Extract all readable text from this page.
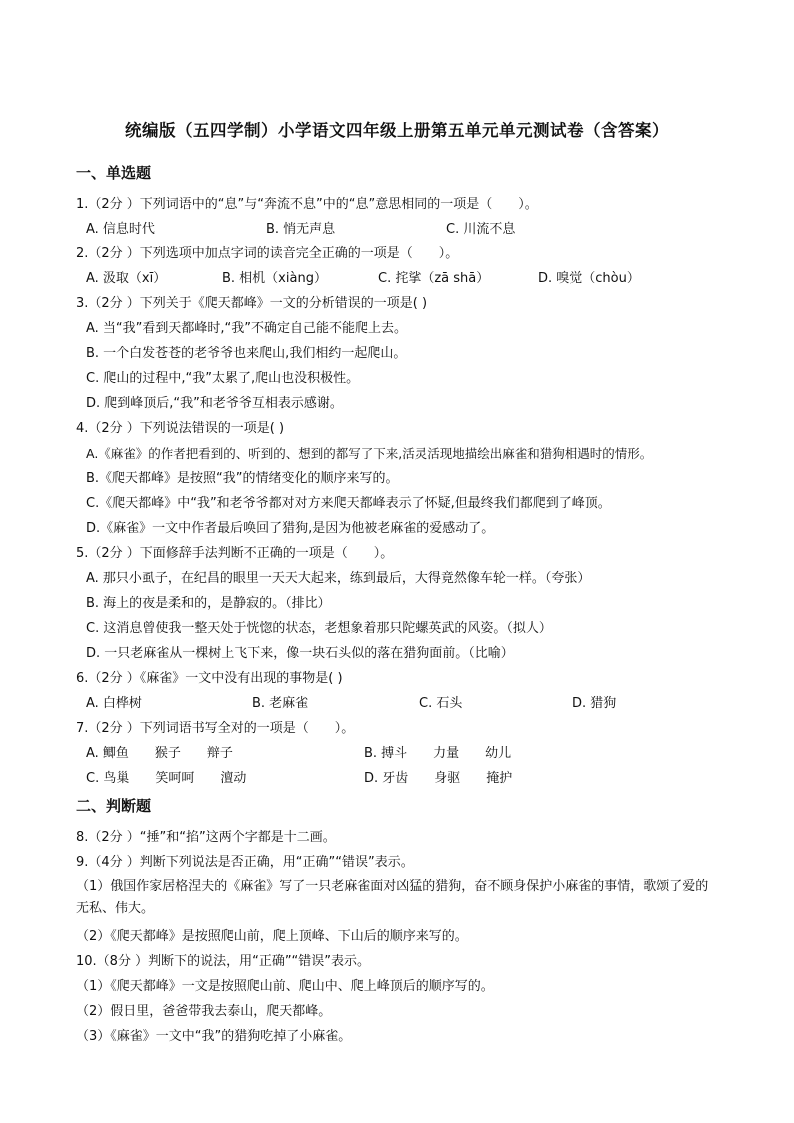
统编版（五四学制）小学语文四年级上册第五单元单元测试卷（含答案）
一、单选题
1.（2分 ）下列词语中的“息”与“奔流不息”中的“息”意思相同的一项是（　　）。
A. 信息时代	B. 悄无声息	C. 川流不息
2.（2分 ）下列选项中加点字词的读音完全正确的一项是（　　）。
A. 汲取（xī）	B. 相机（xiàng）	C. 挓挲（zā shā）	D. 嗅觉（chòu）
3.（2分 ）下列关于《爬天都峰》一文的分析错误的一项是( )
A. 当“我”看到天都峰时,“我”不确定自己能不能爬上去。
B. 一个白发苍苍的老爷爷也来爬山,我们相约一起爬山。
C. 爬山的过程中,“我”太累了,爬山也没积极性。
D. 爬到峰顶后,“我”和老爷爷互相表示感谢。
4.（2分 ）下列说法错误的一项是( )
A.《麻雀》的作者把看到的、听到的、想到的都写了下来,活灵活现地描绘出麻雀和猎狗相遇时的情形。
B.《爬天都峰》是按照“我”的情绪变化的顺序来写的。
C.《爬天都峰》中“我”和老爷爷都对对方来爬天都峰表示了怀疑,但最终我们都爬到了峰顶。
D.《麻雀》一文中作者最后唤回了猎狗,是因为他被老麻雀的爱感动了。
5.（2分 ）下面修辞手法判断不正确的一项是（　　）。
A. 那只小虱子，在纪昌的眼里一天天大起来，练到最后，大得竟然像车轮一样。（夸张）
B. 海上的夜是柔和的，是静寂的。（排比）
C. 这消息曾使我一整天处于恍惚的状态，老想象着那只陀螺英武的风姿。（拟人）
D. 一只老麻雀从一棵树上飞下来，像一块石头似的落在猎狗面前。（比喻）
6.（2分 ）《麻雀》一文中没有出现的事物是( )
A. 白桦树	B. 老麻雀	C. 石头	D. 猎狗
7.（2分 ）下列词语书写全对的一项是（　　）。
A. 鲫鱼　　猴子　　辩子	B. 搏斗　　力量　　幼儿
C. 鸟巢　　笑呵呵　　澶动	D. 牙齿　　身驱　　掩护
二、判断题
8.（2分 ）“捶”和“掐”这两个字都是十二画。
9.（4分 ）判断下列说法是否正确，用“正确”“错误”表示。
（1）俄国作家居格涅夫的《麻雀》写了一只老麻雀面对凶猛的猎狗，奋不顾身保护小麻雀的事情，歌颂了爱的无私、伟大。
（2）《爬天都峰》是按照爬山前，爬上顶峰、下山后的顺序来写的。
10.（8分 ）判断下的说法，用“正确”“错误”表示。
（1）《爬天都峰》一文是按照爬山前、爬山中、爬上峰顶后的顺序写的。
（2）假日里，爸爸带我去泰山，爬天都峰。
（3）《麻雀》一文中“我”的猎狗吃掉了小麻雀。
